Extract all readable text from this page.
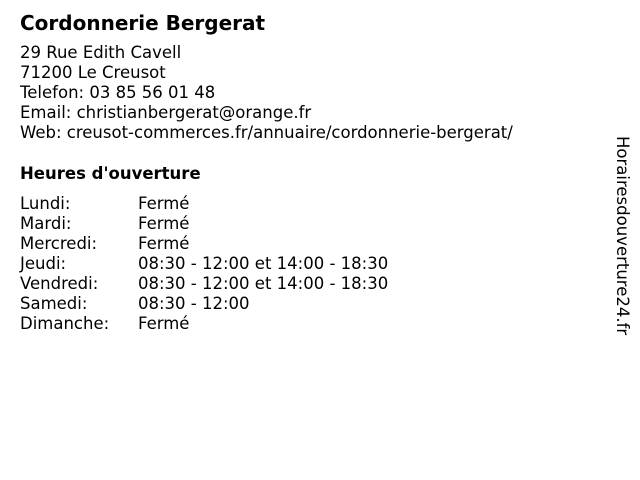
Cordonnerie Bergerat
29 Rue Edith Cavell
71200 Le Creusot
Telefon: 03 85 56 01 48
Email: christianbergerat@orange.fr
Web: creusot-commerces.fr/annuaire/cordonnerie-bergerat/
Heures d'ouverture
Lundi:	Fermé
Mardi:	Fermé
Mercredi: Fermé
Jeudi:	08:30 - 12:00 et 14:00 - 18:30
Vendredi: 08:30 - 12:00 et 14:00 - 18:30
Samedi:	08:30 - 12:00
Dimanche: Fermé	Horairesdouverture24.fr
